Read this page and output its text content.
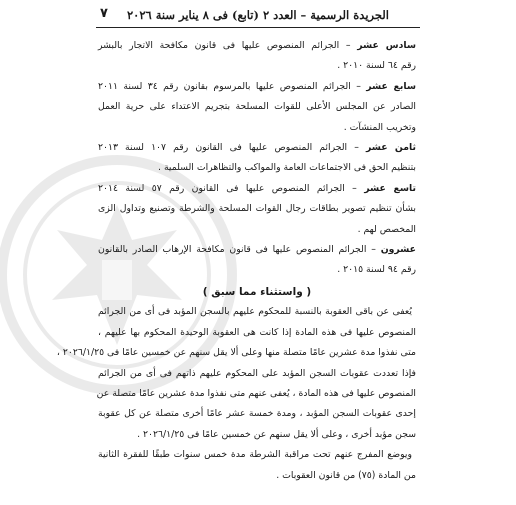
الجريدة الرسمية – العدد ٢ (تابع) فى ٨ يناير سنة ٢٠٢٦
٧
سادس عشر – الجرائم المنصوص عليها فى قانون مكافحة الاتجار بالبشر
رقم ٦٤ لسنة ٢٠١٠ .
سابع عشر – الجرائم المنصوص عليها بالمرسوم بقانون رقم ٣٤ لسنة ٢٠١١
الصادر عن المجلس الأعلى للقوات المسلحة بتجريم الاعتداء على حرية العمل
وتخريب المنشآت .
ثامن عشر – الجرائم المنصوص عليها فى القانون رقم ١٠٧ لسنة ٢٠١٣
بتنظيم الحق فى الاجتماعات العامة والمواكب والتظاهرات السلمية .
تاسع عشر – الجرائم المنصوص عليها فى القانون رقم ٥٧ لسنة ٢٠١٤
بشأن تنظيم تصوير بطاقات رجال القوات المسلحة والشرطة وتصنيع وتداول الزى
المخصص لهم .
عشرون – الجرائم المنصوص عليها فى قانون مكافحة الإرهاب الصادر بالقانون
رقم ٩٤ لسنة ٢٠١٥ .
( واستثناء مما سبق )
يُعفى عن باقى العقوبة بالنسبة للمحكوم عليهم بالسجن المؤبد فى أى من الجرائم
المنصوص عليها فى هذه المادة إذا كانت هى العقوبة الوحيدة المحكوم بها عليهم ،
متى نفذوا مدة عشرين عامًا متصلة منها وعلى ألا يقل سنهم عن خمسين عامًا فى ٢٠٢٦/١/٢٥ ،
فإذا تعددت عقوبات السجن المؤبد على المحكوم عليهم ذاتهم فى أى من الجرائم
المنصوص عليها فى هذه المادة ، يُعفى عنهم متى نفذوا مدة عشرين عامًا متصلة عن
إحدى عقوبات السجن المؤبد ، ومدة خمسة عشر عامًا أخرى متصلة عن كل عقوبة
سجن مؤبد أخرى ، وعلى ألا يقل سنهم عن خمسين عامًا فى ٢٠٢٦/١/٢٥ .
ويوضع المفرج عنهم تحت مراقبة الشرطة مدة خمس سنوات طبقًا للفقرة الثانية
من المادة (٧٥) من قانون العقوبات .
